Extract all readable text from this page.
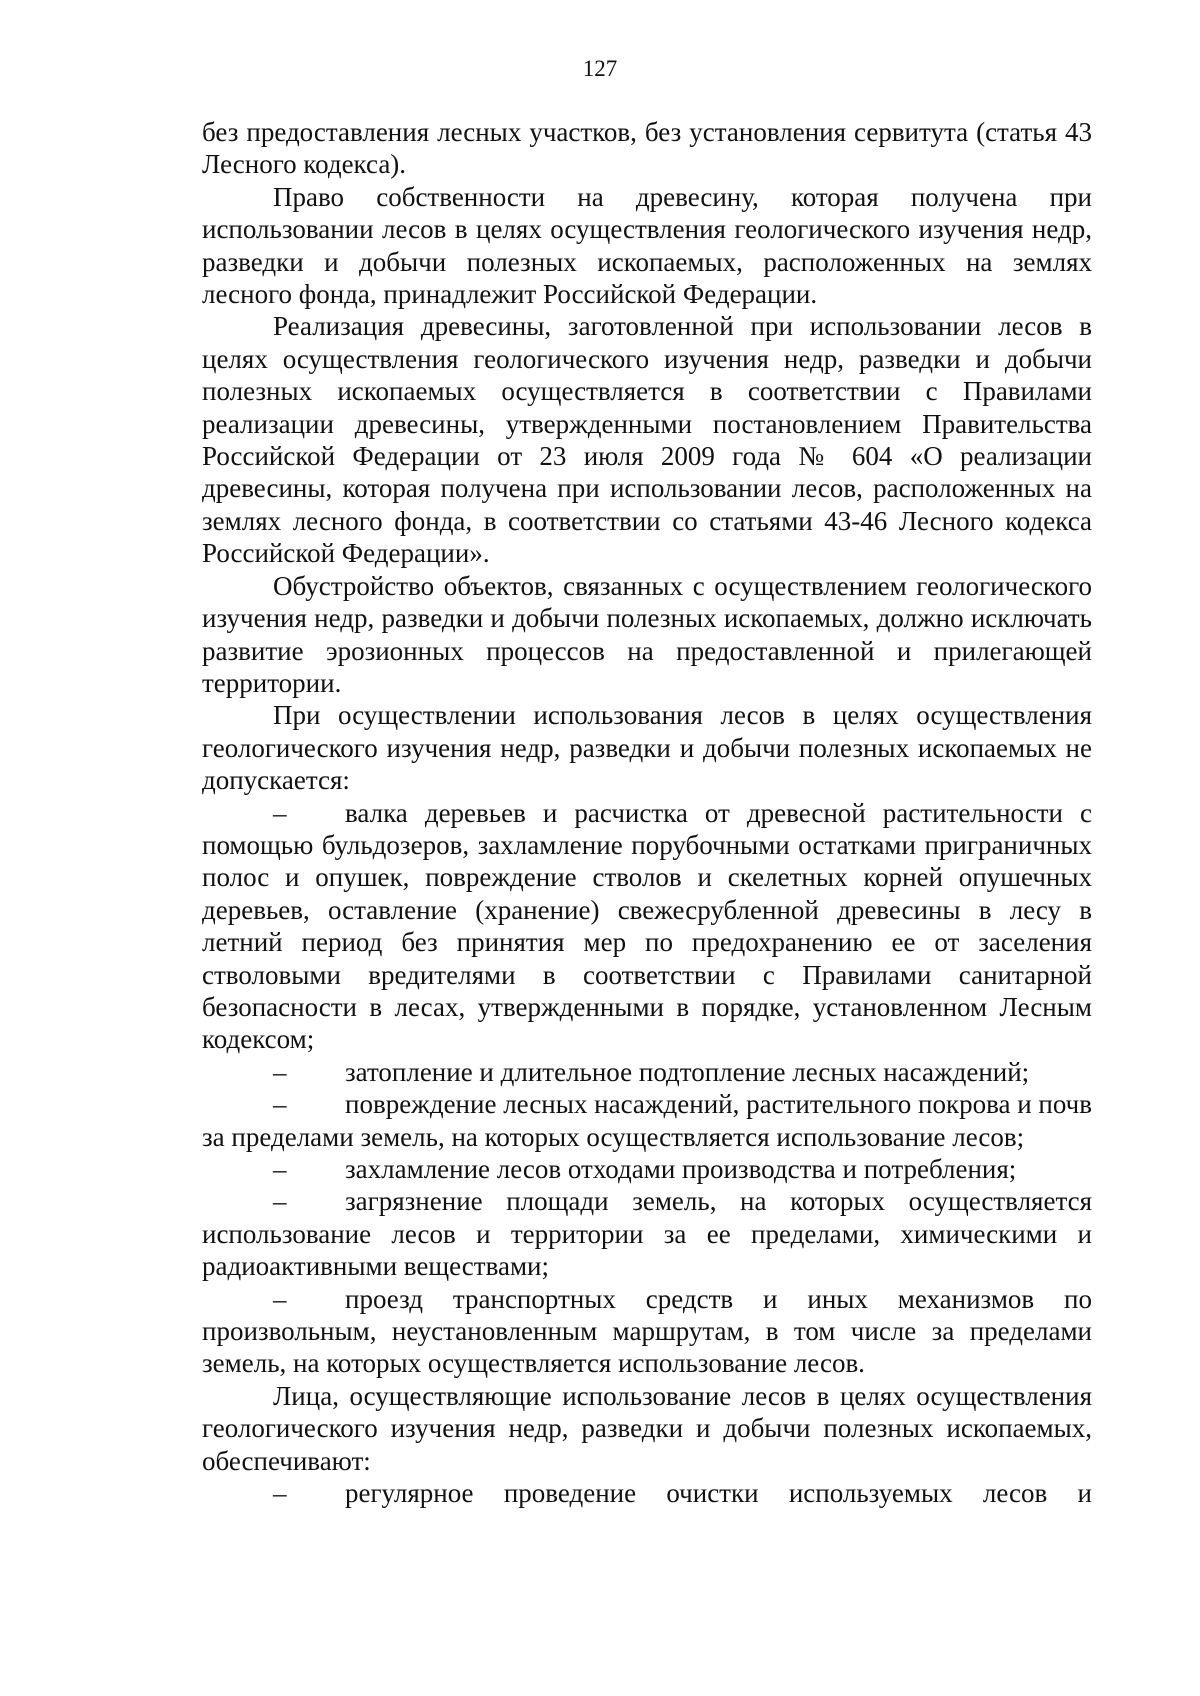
127

без предоставления лесных участков, без установления сервитута (статья 43 Лесного кодекса).

Право собственности на древесину, которая получена при использовании лесов в целях осуществления геологического изучения недр, разведки и добычи полезных ископаемых, расположенных на землях лесного фонда, принадлежит Российской Федерации.

Реализация древесины, заготовленной при использовании лесов в целях осуществления геологического изучения недр, разведки и добычи полезных ископаемых осуществляется в соответствии с Правилами реализации древесины, утвержденными постановлением Правительства Российской Федерации от 23 июля 2009 года № 604 «О реализации древесины, которая получена при использовании лесов, расположенных на землях лесного фонда, в соответствии со статьями 43-46 Лесного кодекса Российской Федерации».

Обустройство объектов, связанных с осуществлением геологического изучения недр, разведки и добычи полезных ископаемых, должно исключать развитие эрозионных процессов на предоставленной и прилегающей территории.

При осуществлении использования лесов в целях осуществления геологического изучения недр, разведки и добычи полезных ископаемых не допускается:

– валка деревьев и расчистка от древесной растительности с помощью бульдозеров, захламление порубочными остатками приграничных полос и опушек, повреждение стволов и скелетных корней опушечных деревьев, оставление (хранение) свежесрубленной древесины в лесу в летний период без принятия мер по предохранению ее от заселения стволовыми вредителями в соответствии с Правилами санитарной безопасности в лесах, утвержденными в порядке, установленном Лесным кодексом;

– затопление и длительное подтопление лесных насаждений;

– повреждение лесных насаждений, растительного покрова и почв за пределами земель, на которых осуществляется использование лесов;

– захламление лесов отходами производства и потребления;

– загрязнение площади земель, на которых осуществляется использование лесов и территории за ее пределами, химическими и радиоактивными веществами;

– проезд транспортных средств и иных механизмов по произвольным, неустановленным маршрутам, в том числе за пределами земель, на которых осуществляется использование лесов.

Лица, осуществляющие использование лесов в целях осуществления геологического изучения недр, разведки и добычи полезных ископаемых, обеспечивают:

– регулярное проведение очистки используемых лесов и
